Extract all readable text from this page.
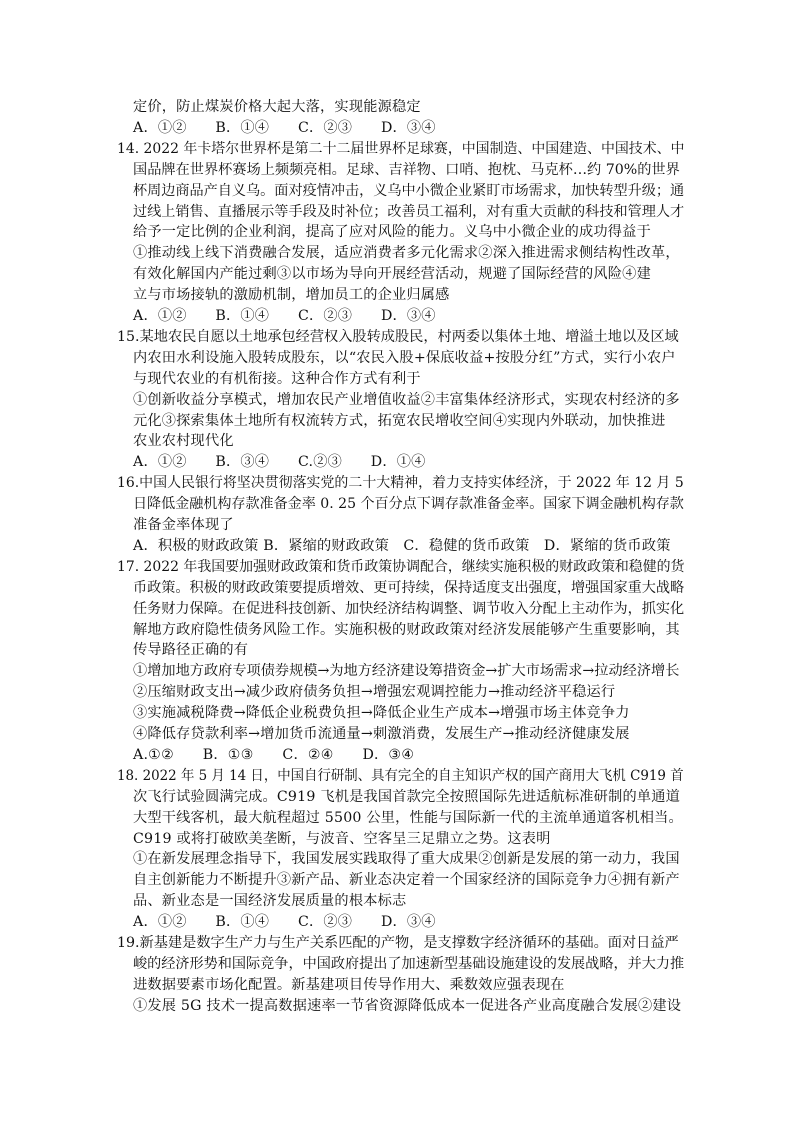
定价，防止煤炭价格大起大落，实现能源稳定
A．①②　　B．①④　　C．②③　　D．③④
14. 2022 年卡塔尔世界杯是第二十二届世界杯足球赛，中国制造、中国建造、中国技术、中
国品牌在世界杯赛场上频频亮相。足球、吉祥物、口哨、抱枕、马克杯…约 70%的世界
杯周边商品产自义乌。面对疫情冲击，义乌中小微企业紧盯市场需求，加快转型升级；通
过线上销售、直播展示等手段及时补位；改善员工福利，对有重大贡献的科技和管理人才
给予一定比例的企业利润，提高了应对风险的能力。义乌中小微企业的成功得益于
①推动线上线下消费融合发展，适应消费者多元化需求②深入推进需求侧结构性改革，
有效化解国内产能过剩③以市场为导向开展经营活动，规避了国际经营的风险④建
立与市场接轨的激励机制，增加员工的企业归属感
A．①②　　B．①④　　C．②③　　D．③④
15.某地农民自愿以土地承包经营权入股转成股民，村两委以集体土地、增溢土地以及区域
内农田水利设施入股转成股东，以“农民入股+保底收益+按股分红”方式，实行小农户
与现代农业的有机衔接。这种合作方式有利于
①创新收益分享模式，增加农民产业增值收益②丰富集体经济形式，实现农村经济的多
元化③探索集体土地所有权流转方式，拓宽农民增收空间④实现内外联动，加快推进
农业农村现代化
A．①②　　B．③④　　C.②③　　D．①④
16.中国人民银行将坚决贯彻落实党的二十大精神，着力支持实体经济，于 2022 年 12 月 5
日降低金融机构存款准备金率 0. 25 个百分点下调存款准备金率。国家下调金融机构存款
准备金率体现了
A．积极的财政政策 B．紧缩的财政政策　C．稳健的货币政策　D．紧缩的货币政策
17. 2022 年我国要加强财政政策和货币政策协调配合，继续实施积极的财政政策和稳健的货
币政策。积极的财政政策要提质增效、更可持续，保持适度支出强度，增强国家重大战略
任务财力保障。在促进科技创新、加快经济结构调整、调节收入分配上主动作为，抓实化
解地方政府隐性债务风险工作。实施积极的财政政策对经济发展能够产生重要影响，其
传导路径正确的有
①增加地方政府专项债券规模→为地方经济建设筹措资金→扩大市场需求→拉动经济增长
②压缩财政支出→减少政府债务负担→增强宏观调控能力→推动经济平稳运行
③实施减税降费→降低企业税费负担→降低企业生产成本→增强市场主体竞争力
④降低存贷款利率→增加货币流通量→刺激消费，发展生产→推动经济健康发展
A.①②　　B．①③　　C．②④　　D．③④
18. 2022 年 5 月 14 日，中国自行研制、具有完全的自主知识产权的国产商用大飞机 C919 首
次飞行试验圆满完成。C919 飞机是我国首款完全按照国际先进适航标准研制的单通道
大型干线客机，最大航程超过 5500 公里，性能与国际新一代的主流单通道客机相当。
C919 或将打破欧美垄断，与波音、空客呈三足鼎立之势。这表明
①在新发展理念指导下，我国发展实践取得了重大成果②创新是发展的第一动力，我国
自主创新能力不断提升③新产品、新业态决定着一个国家经济的国际竞争力④拥有新产
品、新业态是一国经济发展质量的根本标志
A．①②　　B．①④　　C．②③　　D．③④
19.新基建是数字生产力与生产关系匹配的产物，是支撑数字经济循环的基础。面对日益严
峻的经济形势和国际竞争，中国政府提出了加速新型基础设施建设的发展战略，并大力推
进数据要素市场化配置。新基建项目传导作用大、乘数效应强表现在
①发展 5G 技术一提高数据速率一节省资源降低成本一促进各产业高度融合发展②建设
